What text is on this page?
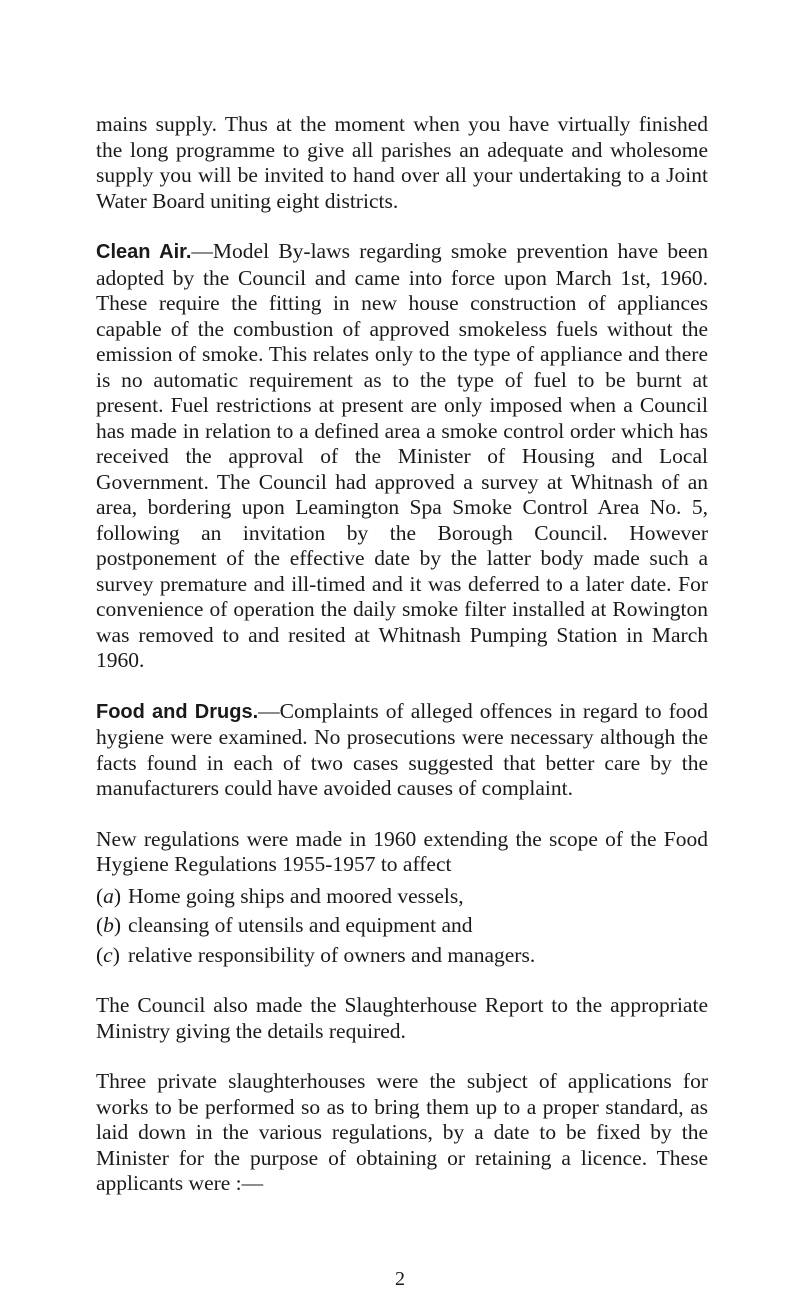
mains supply. Thus at the moment when you have virtually finished the long programme to give all parishes an adequate and wholesome supply you will be invited to hand over all your undertaking to a Joint Water Board uniting eight districts.

Clean Air.—Model By-laws regarding smoke prevention have been adopted by the Council and came into force upon March 1st, 1960. These require the fitting in new house construction of appliances capable of the combustion of approved smokeless fuels without the emission of smoke. This relates only to the type of appliance and there is no automatic requirement as to the type of fuel to be burnt at present. Fuel restrictions at present are only imposed when a Council has made in relation to a defined area a smoke control order which has received the approval of the Minister of Housing and Local Government. The Council had approved a survey at Whitnash of an area, bordering upon Leamington Spa Smoke Control Area No. 5, following an invitation by the Borough Council. However postponement of the effective date by the latter body made such a survey premature and ill-timed and it was deferred to a later date. For convenience of operation the daily smoke filter installed at Rowington was removed to and resited at Whitnash Pumping Station in March 1960.

Food and Drugs.—Complaints of alleged offences in regard to food hygiene were examined. No prosecutions were necessary although the facts found in each of two cases suggested that better care by the manufacturers could have avoided causes of complaint.

New regulations were made in 1960 extending the scope of the Food Hygiene Regulations 1955-1957 to affect

(a) Home going ships and moored vessels,
(b) cleansing of utensils and equipment and
(c) relative responsibility of owners and managers.

The Council also made the Slaughterhouse Report to the appropriate Ministry giving the details required.

Three private slaughterhouses were the subject of applications for works to be performed so as to bring them up to a proper standard, as laid down in the various regulations, by a date to be fixed by the Minister for the purpose of obtaining or retaining a licence. These applicants were :—

2
